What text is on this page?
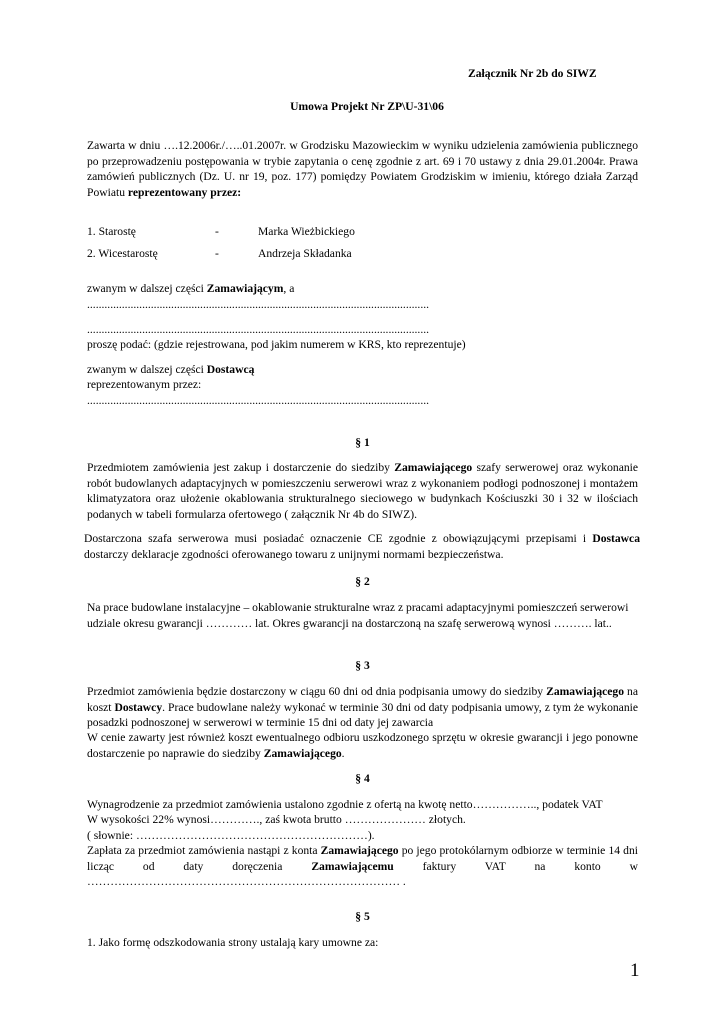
Załącznik Nr 2b do SIWZ
Umowa Projekt Nr ZP\U-31\06
Zawarta w dniu ….12.2006r./…..01.2007r. w Grodzisku Mazowieckim w wyniku udzielenia zamówienia publicznego po przeprowadzeniu postępowania w trybie zapytania o cenę zgodnie z art. 69 i 70 ustawy z dnia 29.01.2004r. Prawa zamówień publicznych (Dz. U. nr 19, poz. 177) pomiędzy Powiatem Grodziskim w imieniu, którego działa Zarząd Powiatu reprezentowany przez:
1. Starostę	-	Marka Wieżbickiego
2. Wicestarostę	-	Andrzeja Składanka
zwanym w dalszej części Zamawiającym, a
......................................................................................................................
......................................................................................................................
proszę podać: (gdzie rejestrowana, pod jakim numerem w KRS, kto reprezentuje)
zwanym w dalszej części Dostawcą
reprezentowanym przez:
......................................................................................................................
§ 1
Przedmiotem zamówienia jest zakup i dostarczenie do siedziby Zamawiającego szafy serwerowej oraz wykonanie robót budowlanych adaptacyjnych w pomieszczeniu serwerowi wraz z wykonaniem podłogi podnoszonej i montażem klimatyzatora oraz ułożenie okablowania strukturalnego sieciowego w budynkach Kościuszki 30 i 32 w ilościach podanych w tabeli formularza ofertowego ( załącznik Nr 4b do SIWZ).
Dostarczona szafa serwerowa musi posiadać oznaczenie CE zgodnie z obowiązującymi przepisami i Dostawca dostarczy deklaracje zgodności oferowanego towaru z unijnymi normami bezpieczeństwa.
§ 2
Na prace budowlane instalacyjne – okablowanie strukturalne wraz z pracami adaptacyjnymi pomieszczeń serwerowi udziale okresu gwarancji ………… lat. Okres gwarancji na dostarczoną na szafę serwerową wynosi ………. lat..
§ 3
Przedmiot zamówienia będzie dostarczony w ciągu 60 dni od dnia podpisania umowy do siedziby Zamawiającego na koszt Dostawcy. Prace budowlane należy wykonać w terminie 30 dni od daty podpisania umowy, z tym że wykonanie posadzki podnoszonej w serwerowi w terminie 15 dni od daty jej zawarcia
W cenie zawarty jest również koszt ewentualnego odbioru uszkodzonego sprzętu w okresie gwarancji i jego ponowne dostarczenie po naprawie do siedziby Zamawiającego.
§ 4
Wynagrodzenie za przedmiot zamówienia ustalono zgodnie z ofertą na kwotę netto…………….., podatek VAT
W wysokości 22% wynosi…………., zaś kwota brutto ………………… złotych.
( słownie: ……………………………………………………).
Zapłata za przedmiot zamówienia nastąpi z konta Zamawiającego po jego protokólarnym odbiorze w terminie 14 dni licząc od daty doręczenia Zamawiającemu faktury VAT na konto w ……………………………………………………………………… .
§ 5
1. Jako formę odszkodowania strony ustalają kary umowne za:
1
